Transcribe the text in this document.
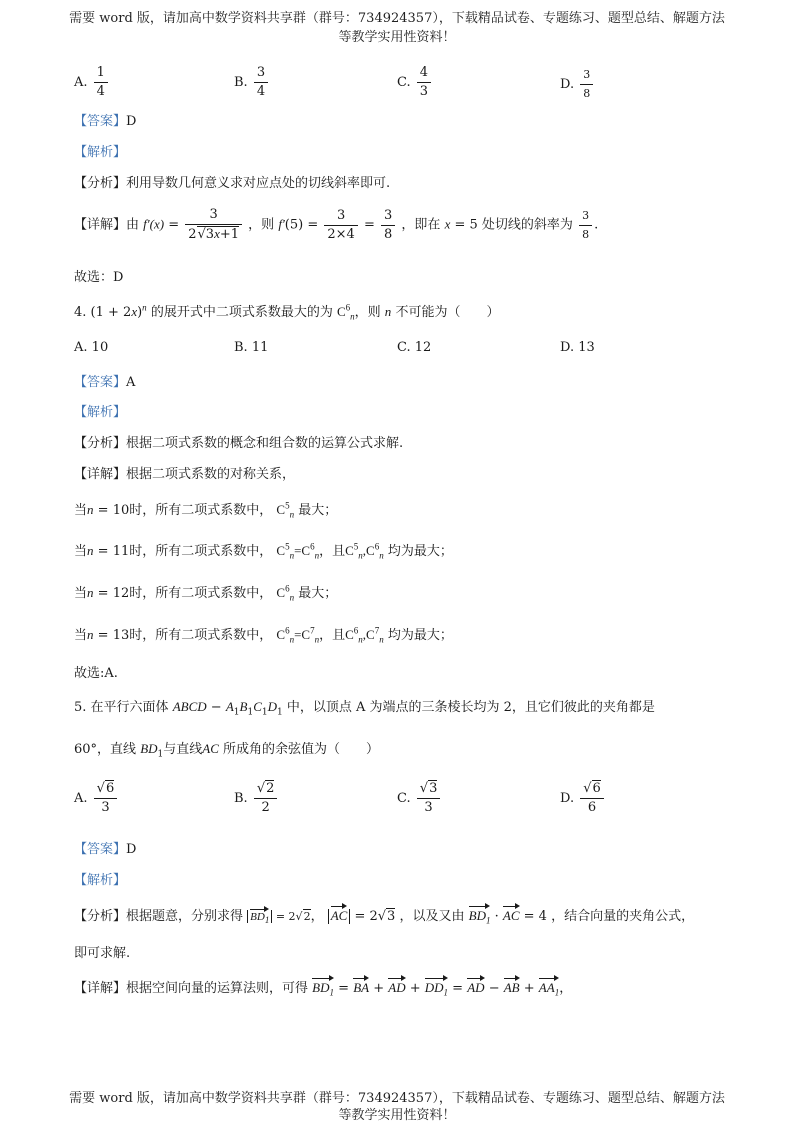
需要 word 版，请加高中数学资料共享群（群号：734924357），下载精品试卷、专题练习、题型总结、解题方法
等教学实用性资料！
A. $\frac{1}{4}$	B. $\frac{3}{4}$	C. $\frac{4}{3}$	D. $\frac{3}{8}$
【答案】D
【解析】
【分析】利用导数几何意义求对应点处的切线斜率即可.
【详解】由 $f'(x) = \frac{3}{2√3x+1}$ ，则 $f'(5) = \frac{3}{2\times 4} = \frac{3}{8}$ ，即在 x = 5 处切线的斜率为 $\frac{3}{8}$ .
故选：D
4. $(1 + 2x)^n$ 的展开式中二项式系数最大的为 $C^6_n$，则 n 不可能为（　　）
A. 10	B. 11	C. 12	D. 13
【答案】A
【解析】
【分析】根据二项式系数的概念和组合数的运算公式求解.
【详解】根据二项式系数的对称关系，
当n = 10时，所有二项式系数中， $C^5_n$ 最大；
当n = 11时，所有二项式系数中， $C^5_n=C^6_n$，且$C^5_n,C^6_n$ 均为最大；
当n = 12时，所有二项式系数中， $C^6_n$ 最大；
当n = 13时，所有二项式系数中， $C^6_n=C^7_n$，且$C^6_n,C^7_n$ 均为最大；
故选:A.
5. 在平行六面体 ABCD − $A_1B_1C_1D_1$ 中，以顶点 A 为端点的三条棱长均为 2，且它们彼此的夹角都是
60°，直线 $BD_1$与直线AC 所成角的余弦值为（　　）
A. $\frac{√6}{3}$	B. $\frac{√2}{2}$	C. $\frac{√3}{3}$	D. $\frac{√6}{6}$
【答案】D
【解析】
【分析】根据题意，分别求得 $BD_1 = 2√2$， AC = 2√3 ，以及又由 $BD_1$ · AC = 4 ，结合向量的夹角公式，
即可求解.
【详解】根据空间向量的运算法则，可得 $BD_1$ = BA + AD + $DD_1$ = AD − AB + $AA_1$，
需要 word 版，请加高中数学资料共享群（群号：734924357），下载精品试卷、专题练习、题型总结、解题方法
等教学实用性资料！
